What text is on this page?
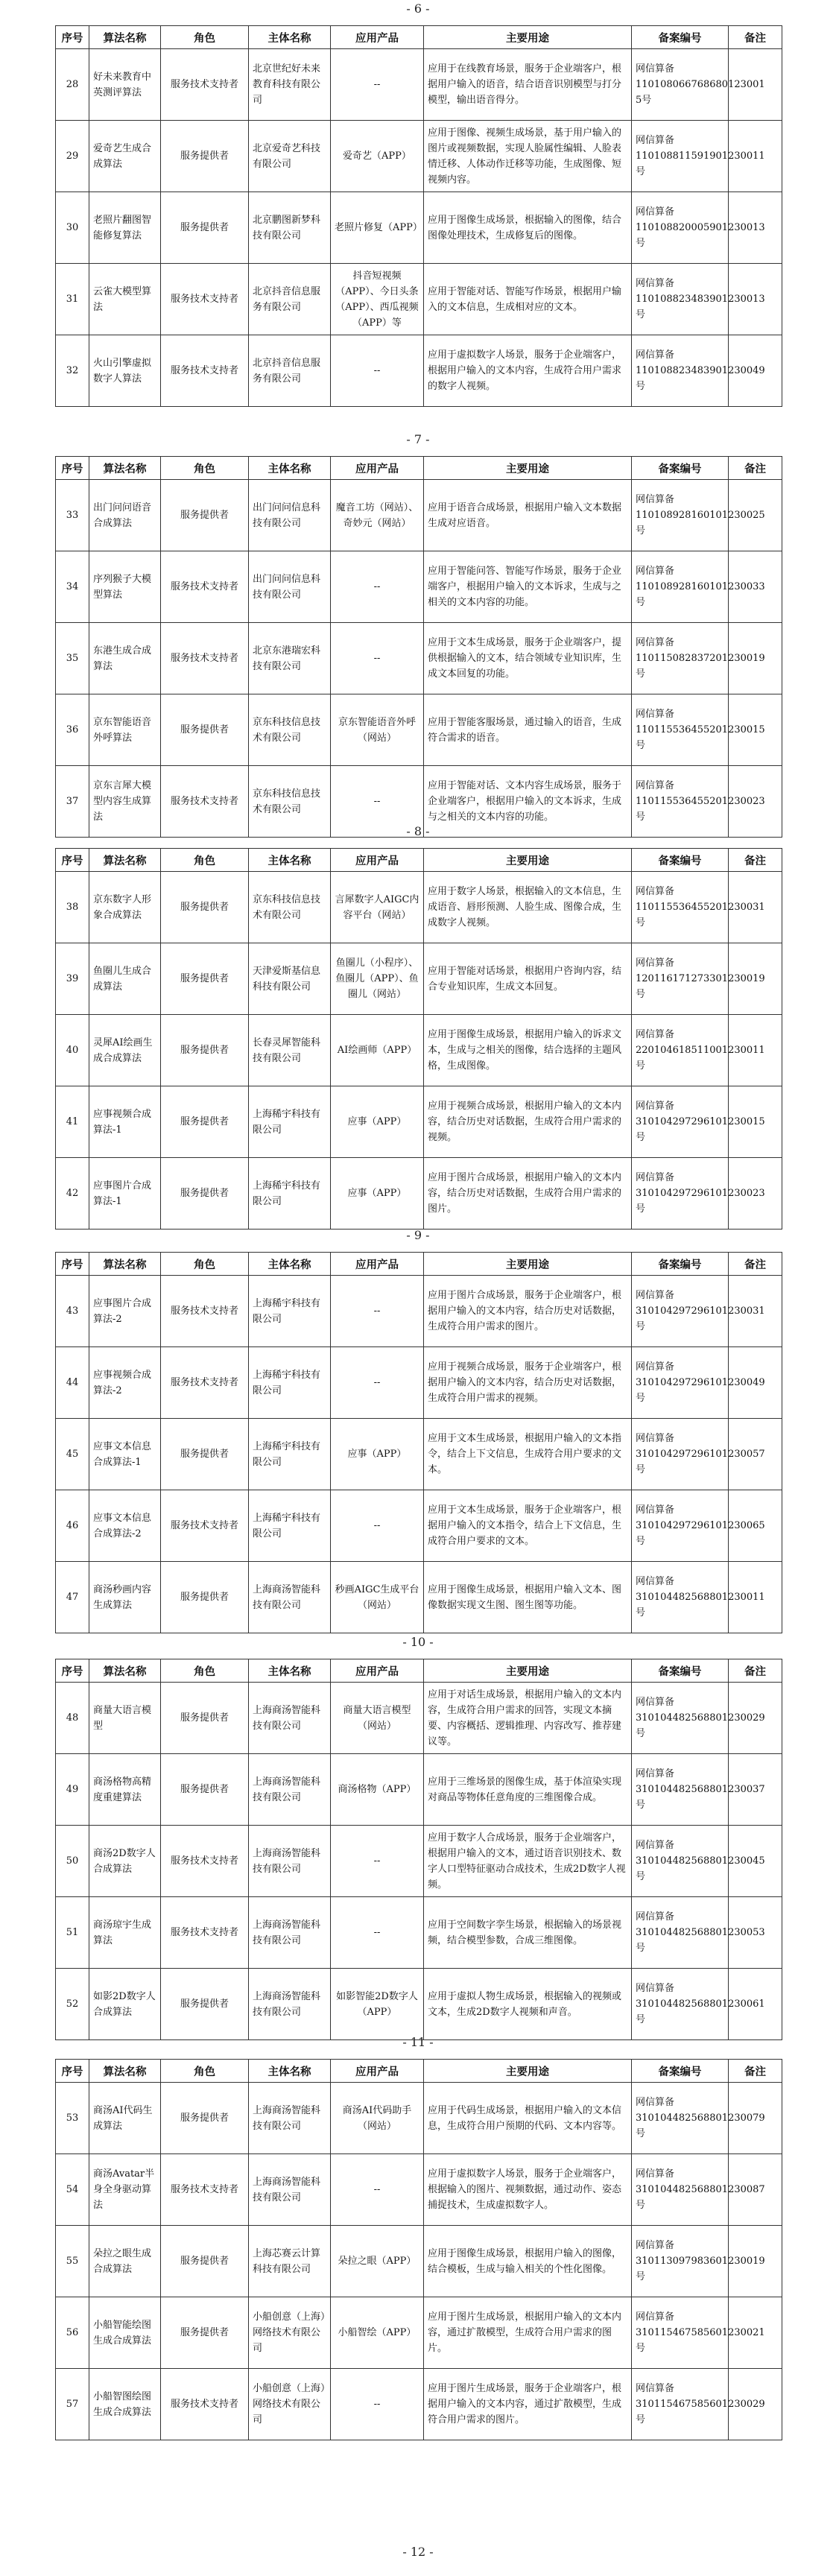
- 6 -
- 7 -
- 8 -
- 9 -
- 10 -
- 11 -
- 12 -
序号	算法名称	角色	主体名称	应用产品	主要用途	备案编号	备注
28	好未来教育中英测评算法	服务技术支持者	北京世纪好未来教育科技有限公司	--	应用于在线教育场景，服务于企业端客户，根据用户输入的语音，结合语音识别模型与打分模型，输出语音得分。	网信算备110108066768680123001 5号	
29	爱奇艺生成合成算法	服务提供者	北京爱奇艺科技有限公司	爱奇艺（APP）	应用于图像、视频生成场景，基于用户输入的图片或视频数据，实现人脸属性编辑、人脸表情迁移、人体动作迁移等功能，生成图像、短视频内容。	网信算备110108811591901230011号	
30	老照片翻图智能修复算法	服务提供者	北京鹏图新梦科技有限公司	老照片修复（APP）	应用于图像生成场景，根据输入的图像，结合图像处理技术，生成修复后的图像。	网信算备110108820005901230013号	
31	云雀大模型算法	服务技术支持者	北京抖音信息服务有限公司	抖音短视频（APP）、今日头条（APP）、西瓜视频（APP）等	应用于智能对话、智能写作场景，根据用户输入的文本信息，生成相对应的文本。	网信算备110108823483901230013号	
32	火山引擎虚拟数字人算法	服务技术支持者	北京抖音信息服务有限公司	--	应用于虚拟数字人场景，服务于企业端客户，根据用户输入的文本内容，生成符合用户需求的数字人视频。	网信算备110108823483901230049号	
序号	算法名称	角色	主体名称	应用产品	主要用途	备案编号	备注
33	出门问问语音合成算法	服务提供者	出门问问信息科技有限公司	魔音工坊（网站）、奇妙元（网站）	应用于语音合成场景，根据用户输入文本数据生成对应语音。	网信算备110108928160101230025号	
34	序列猴子大模型算法	服务技术支持者	出门问问信息科技有限公司	--	应用于智能问答、智能写作场景，服务于企业端客户，根据用户输入的文本诉求，生成与之相关的文本内容的功能。	网信算备110108928160101230033号	
35	东港生成合成算法	服务技术支持者	北京东港瑞宏科技有限公司	--	应用于文本生成场景，服务于企业端客户，提供根据输入的文本，结合领域专业知识库，生成文本回复的功能。	网信算备110115082837201230019号	
36	京东智能语音外呼算法	服务提供者	京东科技信息技术有限公司	京东智能语音外呼（网站）	应用于智能客服场景，通过输入的语音，生成符合需求的语音。	网信算备110115536455201230015号	
37	京东言犀大模型内容生成算法	服务技术支持者	京东科技信息技术有限公司	--	应用于智能对话、文本内容生成场景，服务于企业端客户，根据用户输入的文本诉求，生成与之相关的文本内容的功能。	网信算备110115536455201230023号	
序号	算法名称	角色	主体名称	应用产品	主要用途	备案编号	备注
38	京东数字人形象合成算法	服务提供者	京东科技信息技术有限公司	言犀数字人AIGC内容平台（网站）	应用于数字人场景，根据输入的文本信息，生成语音、唇形预测、人脸生成、图像合成，生成数字人视频。	网信算备110115536455201230031号	
39	鱼圈儿生成合成算法	服务提供者	天津爱斯基信息科技有限公司	鱼圈儿（小程序）、鱼圈儿（APP）、鱼圈儿（网站）	应用于智能对话场景，根据用户咨询内容，结合专业知识库，生成文本回复。	网信算备120116171273301230019号	
40	灵犀AI绘画生成合成算法	服务提供者	长春灵犀智能科技有限公司	AI绘画师（APP）	应用于图像生成场景，根据用户输入的诉求文本，生成与之相关的图像，结合选择的主题风格，生成图像。	网信算备220104618511001230011号	
41	应事视频合成算法-1	服务提供者	上海稀宇科技有限公司	应事（APP）	应用于视频合成场景，根据用户输入的文本内容，结合历史对话数据，生成符合用户需求的视频。	网信算备310104297296101230015号	
42	应事图片合成算法-1	服务提供者	上海稀宇科技有限公司	应事（APP）	应用于图片合成场景，根据用户输入的文本内容，结合历史对话数据，生成符合用户需求的图片。	网信算备310104297296101230023号	
序号	算法名称	角色	主体名称	应用产品	主要用途	备案编号	备注
43	应事图片合成算法-2	服务技术支持者	上海稀宇科技有限公司	--	应用于图片合成场景，服务于企业端客户，根据用户输入的文本内容，结合历史对话数据，生成符合用户需求的图片。	网信算备310104297296101230031号	
44	应事视频合成算法-2	服务技术支持者	上海稀宇科技有限公司	--	应用于视频合成场景，服务于企业端客户，根据用户输入的文本内容，结合历史对话数据，生成符合用户需求的视频。	网信算备310104297296101230049号	
45	应事文本信息合成算法-1	服务提供者	上海稀宇科技有限公司	应事（APP）	应用于文本生成场景，根据用户输入的文本指令，结合上下文信息，生成符合用户要求的文本。	网信算备310104297296101230057号	
46	应事文本信息合成算法-2	服务技术支持者	上海稀宇科技有限公司	--	应用于文本生成场景，服务于企业端客户，根据用户输入的文本指令，结合上下文信息，生成符合用户要求的文本。	网信算备310104297296101230065号	
47	商汤秒画内容生成算法	服务提供者	上海商汤智能科技有限公司	秒画AIGC生成平台（网站）	应用于图像生成场景，根据用户输入文本、图像数据实现文生图、图生图等功能。	网信算备310104482568801230011号	
序号	算法名称	角色	主体名称	应用产品	主要用途	备案编号	备注
48	商量大语言模型	服务提供者	上海商汤智能科技有限公司	商量大语言模型（网站）	应用于对话生成场景，根据用户输入的文本内容，生成符合用户需求的回答，实现文本摘要、内容概括、逻辑推理、内容改写、推荐建议等。	网信算备310104482568801230029号	
49	商汤格物高精度重建算法	服务提供者	上海商汤智能科技有限公司	商汤格物（APP）	应用于三维场景的图像生成，基于体渲染实现对商品等物体任意角度的三维图像合成。	网信算备310104482568801230037号	
50	商汤2D数字人合成算法	服务技术支持者	上海商汤智能科技有限公司	--	应用于数字人合成场景，服务于企业端客户，根据用户输入的文本，通过语音识别技术、数字人口型特征驱动合成技术，生成2D数字人视频。	网信算备310104482568801230045号	
51	商汤琼宇生成算法	服务技术支持者	上海商汤智能科技有限公司	--	应用于空间数字孪生场景，根据输入的场景视频，结合模型参数，合成三维图像。	网信算备310104482568801230053号	
52	如影2D数字人合成算法	服务提供者	上海商汤智能科技有限公司	如影智能2D数字人（APP）	应用于虚拟人物生成场景，根据输入的视频或文本，生成2D数字人视频和声音。	网信算备310104482568801230061号	
序号	算法名称	角色	主体名称	应用产品	主要用途	备案编号	备注
53	商汤AI代码生成算法	服务提供者	上海商汤智能科技有限公司	商汤AI代码助手（网站）	应用于代码生成场景，根据用户输入的文本信息，生成符合用户预期的代码、文本内容等。	网信算备310104482568801230079号	
54	商汤Avatar半身全身驱动算法	服务技术支持者	上海商汤智能科技有限公司	--	应用于虚拟数字人场景，服务于企业端客户，根据输入的图片、视频数据，通过动作、姿态捕捉技术，生成虚拟数字人。	网信算备310104482568801230087号	
55	朵拉之眼生成合成算法	服务提供者	上海芯赛云计算科技有限公司	朵拉之眼（APP）	应用于图像生成场景，根据用户输入的图像，结合模板，生成与输入相关的个性化图像。	网信算备310113097983601230019号	
56	小船智能绘图生成合成算法	服务提供者	小船创意（上海）网络技术有限公司	小船智绘（APP）	应用于图片生成场景，根据用户输入的文本内容，通过扩散模型，生成符合用户需求的图片。	网信算备310115467585601230021号	
57	小船智图绘图生成合成算法	服务技术支持者	小船创意（上海）网络技术有限公司	--	应用于图片生成场景，服务于企业端客户，根据用户输入的文本内容，通过扩散模型，生成符合用户需求的图片。	网信算备310115467585601230029号	
